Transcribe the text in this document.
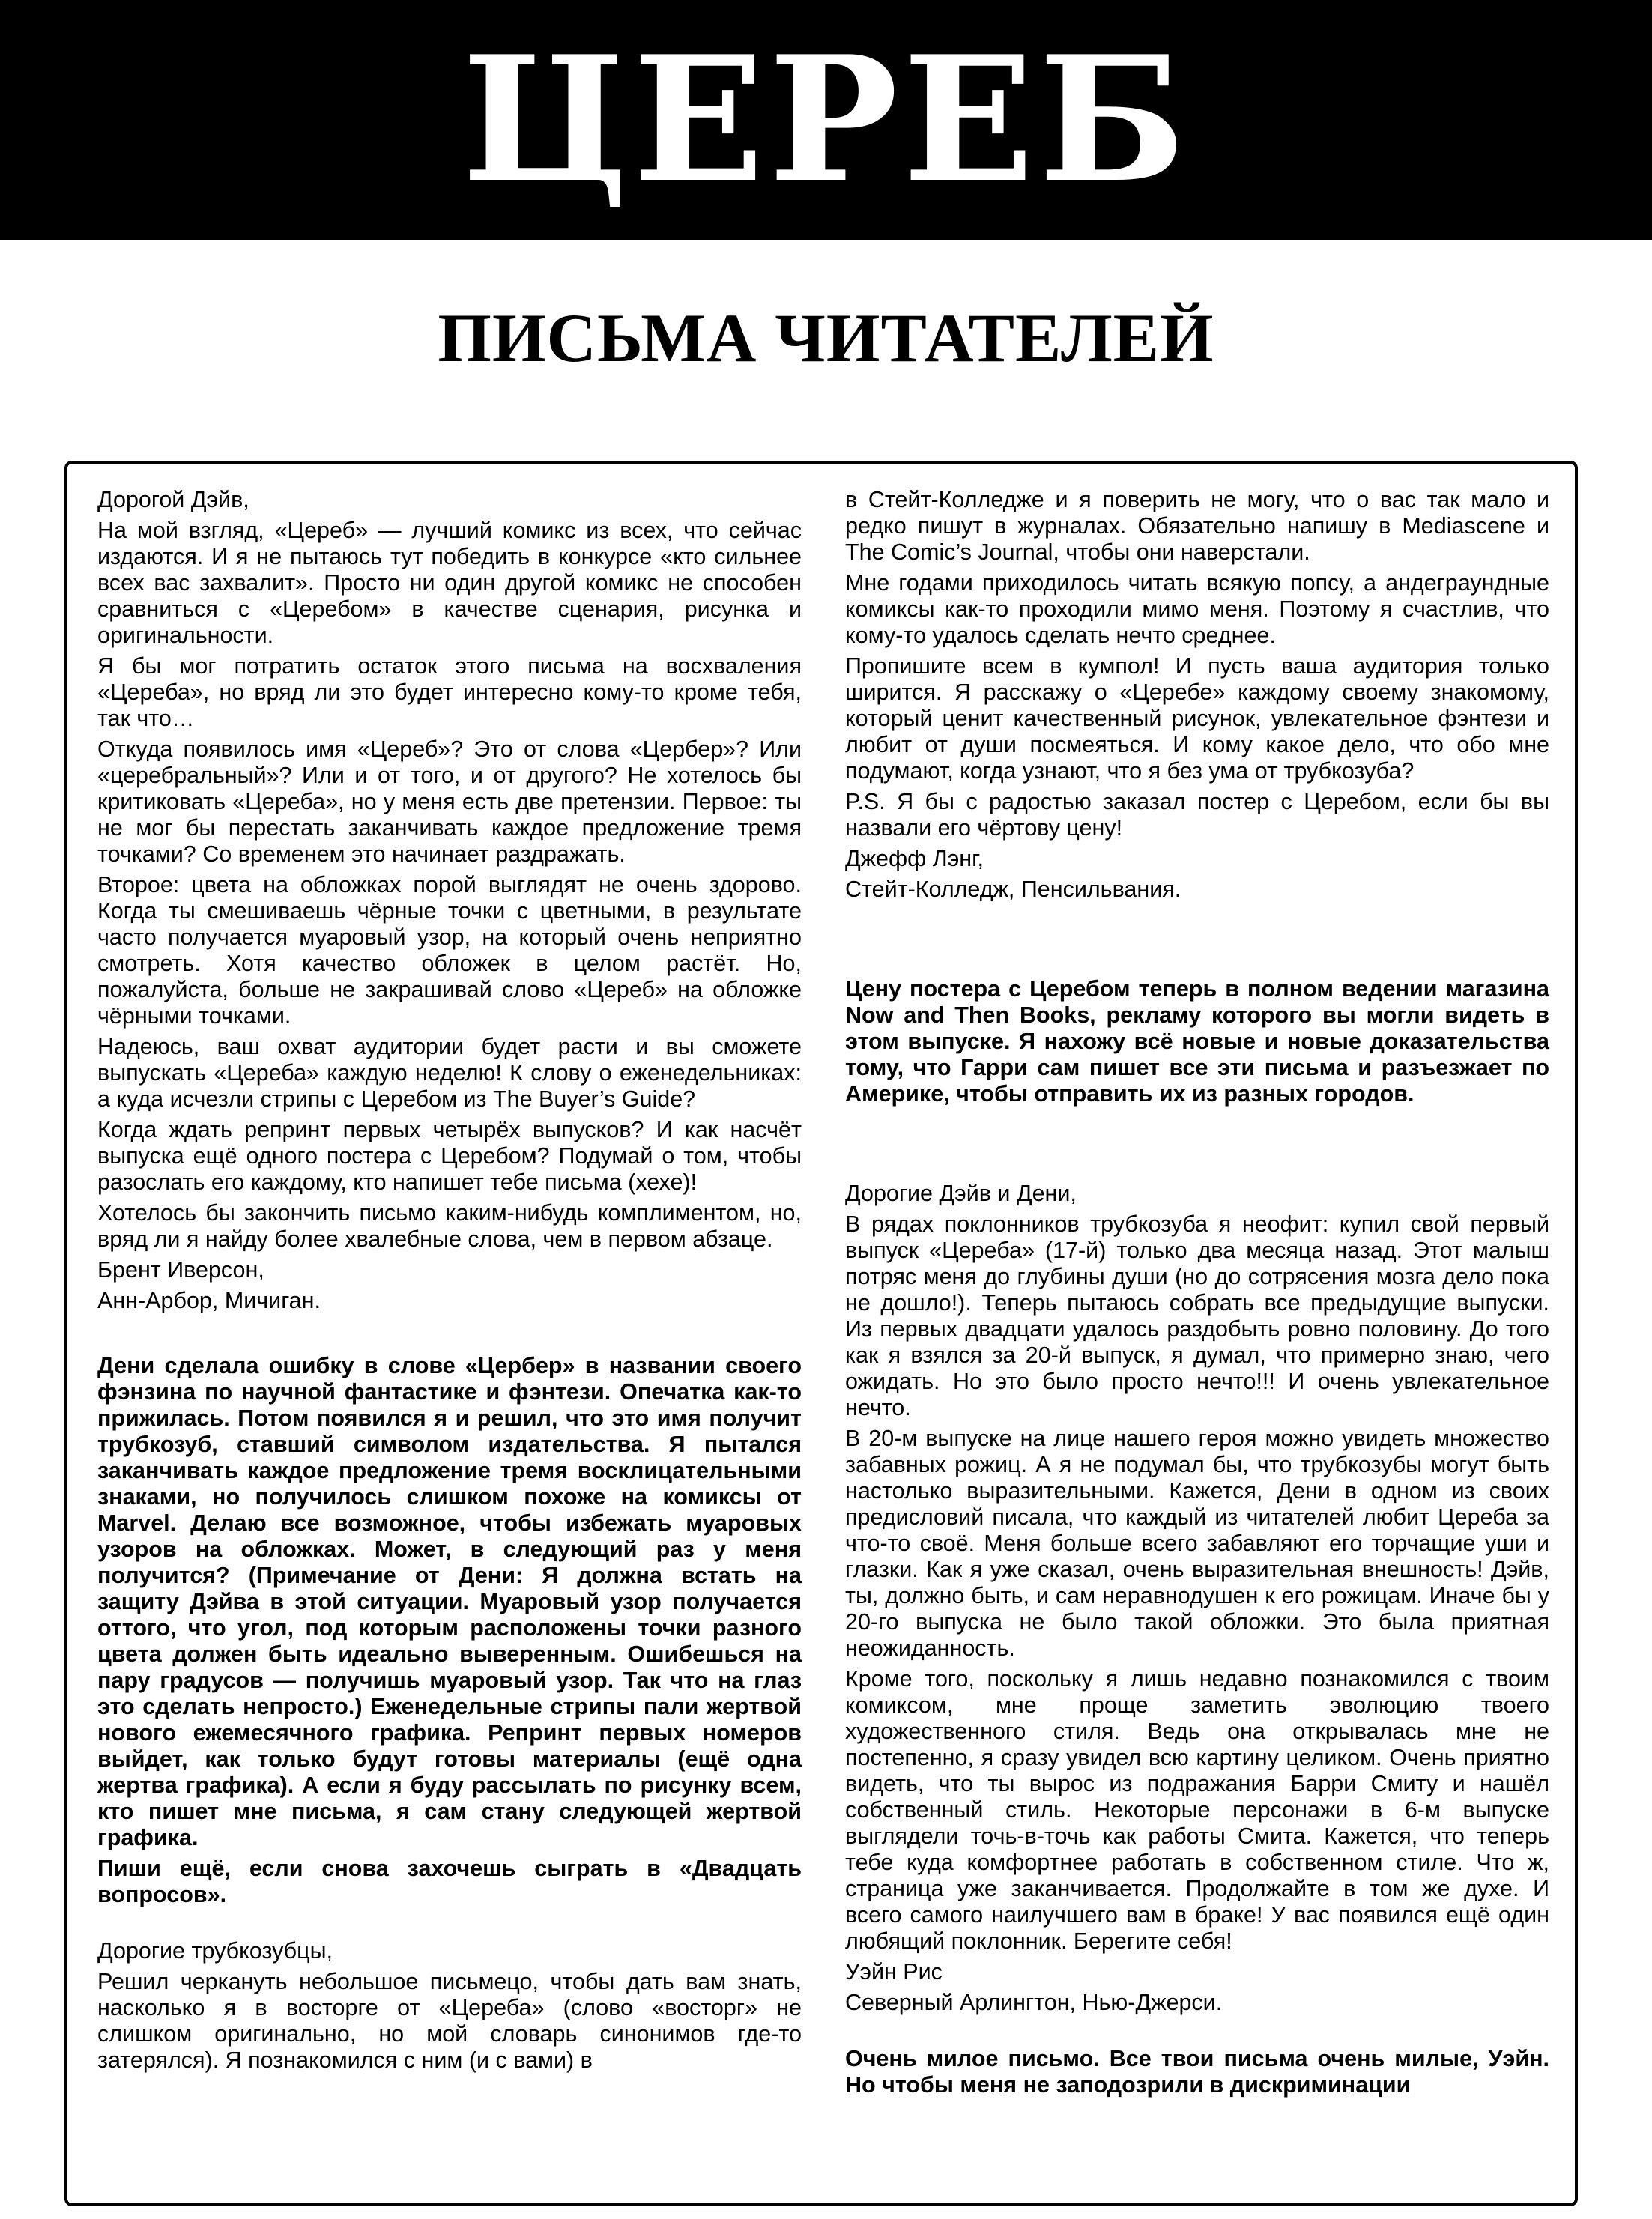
ЦЕРЕБ
ПИСЬМА ЧИТАТЕЛЕЙ

Дорогой Дэйв,

На мой взгляд, «Цереб» — лучший комикс из всех, что сейчас издаются. И я не пытаюсь тут победить в конкурсе «кто сильнее всех вас захвалит». Просто ни один другой комикс не способен сравниться с «Церебом» в качестве сценария, рисунка и оригинальности.

Я бы мог потратить остаток этого письма на восхваления «Цереба», но вряд ли это будет интересно кому-то кроме тебя, так что…

Откуда появилось имя «Цереб»? Это от слова «Цербер»? Или «церебральный»? Или и от того, и от другого? Не хотелось бы критиковать «Цереба», но у меня есть две претензии. Первое: ты не мог бы перестать заканчивать каждое предложение тремя точками? Со временем это начинает раздражать.

Второе: цвета на обложках порой выглядят не очень здорово. Когда ты смешиваешь чёрные точки с цветными, в результате часто получается муаровый узор, на который очень неприятно смотреть. Хотя качество обложек в целом растёт. Но, пожалуйста, больше не закрашивай слово «Цереб» на обложке чёрными точками.

Надеюсь, ваш охват аудитории будет расти и вы сможете выпускать «Цереба» каждую неделю! К слову о еженедельниках: а куда исчезли стрипы с Церебом из The Buyer’s Guide?

Когда ждать репринт первых четырёх выпусков? И как насчёт выпуска ещё одного постера с Церебом? Подумай о том, чтобы разослать его каждому, кто напишет тебе письма (хехе)!

Хотелось бы закончить письмо каким-нибудь комплиментом, но, вряд ли я найду более хвалебные слова, чем в первом абзаце.

Брент Иверсон,

Анн-Арбор, Мичиган.

Дени сделала ошибку в слове «Цербер» в названии своего фэнзина по научной фантастике и фэнтези. Опечатка как-то прижилась. Потом появился я и решил, что это имя получит трубкозуб, ставший символом издательства. Я пытался заканчивать каждое предложение тремя восклицательными знаками, но получилось слишком похоже на комиксы от Marvel. Делаю все возможное, чтобы избежать муаровых узоров на обложках. Может, в следующий раз у меня получится? (Примечание от Дени: Я должна встать на защиту Дэйва в этой ситуации. Муаровый узор получается оттого, что угол, под которым расположены точки разного цвета должен быть идеально выверенным. Ошибешься на пару градусов — получишь муаровый узор. Так что на глаз это сделать непросто.) Еженедельные стрипы пали жертвой нового ежемесячного графика. Репринт первых номеров выйдет, как только будут готовы материалы (ещё одна жертва графика). А если я буду рассылать по рисунку всем, кто пишет мне письма, я сам стану следующей жертвой графика.

Пиши ещё, если снова захочешь сыграть в «Двадцать вопросов».

Дорогие трубкозубцы,

Решил черкануть небольшое письмецо, чтобы дать вам знать, насколько я в восторге от «Цереба» (слово «восторг» не слишком оригинально, но мой словарь синонимов где-то затерялся). Я познакомился с ним (и с вами) в

в Стейт-Колледже и я поверить не могу, что о вас так мало и редко пишут в журналах. Обязательно напишу в Mediascene и The Comic’s Journal, чтобы они наверстали.

Мне годами приходилось читать всякую попсу, а андеграундные комиксы как-то проходили мимо меня. Поэтому я счастлив, что кому-то удалось сделать нечто среднее.

Пропишите всем в кумпол! И пусть ваша аудитория только ширится. Я расскажу о «Церебе» каждому своему знакомому, который ценит качественный рисунок, увлекательное фэнтези и любит от души посмеяться. И кому какое дело, что обо мне подумают, когда узнают, что я без ума от трубкозуба?

P.S. Я бы с радостью заказал постер с Церебом, если бы вы назвали его чёртову цену!

Джефф Лэнг,

Стейт-Колледж, Пенсильвания.

Цену постера с Церебом теперь в полном ведении магазина Now and Then Books, рекламу которого вы могли видеть в этом выпуске. Я нахожу всё новые и новые доказательства тому, что Гарри сам пишет все эти письма и разъезжает по Америке, чтобы отправить их из разных городов.

Дорогие Дэйв и Дени,

В рядах поклонников трубкозуба я неофит: купил свой первый выпуск «Цереба» (17-й) только два месяца назад. Этот малыш потряс меня до глубины души (но до сотрясения мозга дело пока не дошло!). Теперь пытаюсь собрать все предыдущие выпуски. Из первых двадцати удалось раздобыть ровно половину. До того как я взялся за 20-й выпуск, я думал, что примерно знаю, чего ожидать. Но это было просто нечто!!! И очень увлекательное нечто.

В 20-м выпуске на лице нашего героя можно увидеть множество забавных рожиц. А я не подумал бы, что трубкозубы могут быть настолько выразительными. Кажется, Дени в одном из своих предисловий писала, что каждый из читателей любит Цереба за что-то своё. Меня больше всего забавляют его торчащие уши и глазки. Как я уже сказал, очень выразительная внешность! Дэйв, ты, должно быть, и сам неравнодушен к его рожицам. Иначе бы у 20-го выпуска не было такой обложки. Это была приятная неожиданность.

Кроме того, поскольку я лишь недавно познакомился с твоим комиксом, мне проще заметить эволюцию твоего художественного стиля. Ведь она открывалась мне не постепенно, я сразу увидел всю картину целиком. Очень приятно видеть, что ты вырос из подражания Барри Смиту и нашёл собственный стиль. Некоторые персонажи в 6-м выпуске выглядели точь-в-точь как работы Смита. Кажется, что теперь тебе куда комфортнее работать в собственном стиле. Что ж, страница уже заканчивается. Продолжайте в том же духе. И всего самого наилучшего вам в браке! У вас появился ещё один любящий поклонник. Берегите себя!

Уэйн Рис

Северный Арлингтон, Нью-Джерси.

Очень милое письмо. Все твои письма очень милые, Уэйн. Но чтобы меня не заподозрили в дискриминации
